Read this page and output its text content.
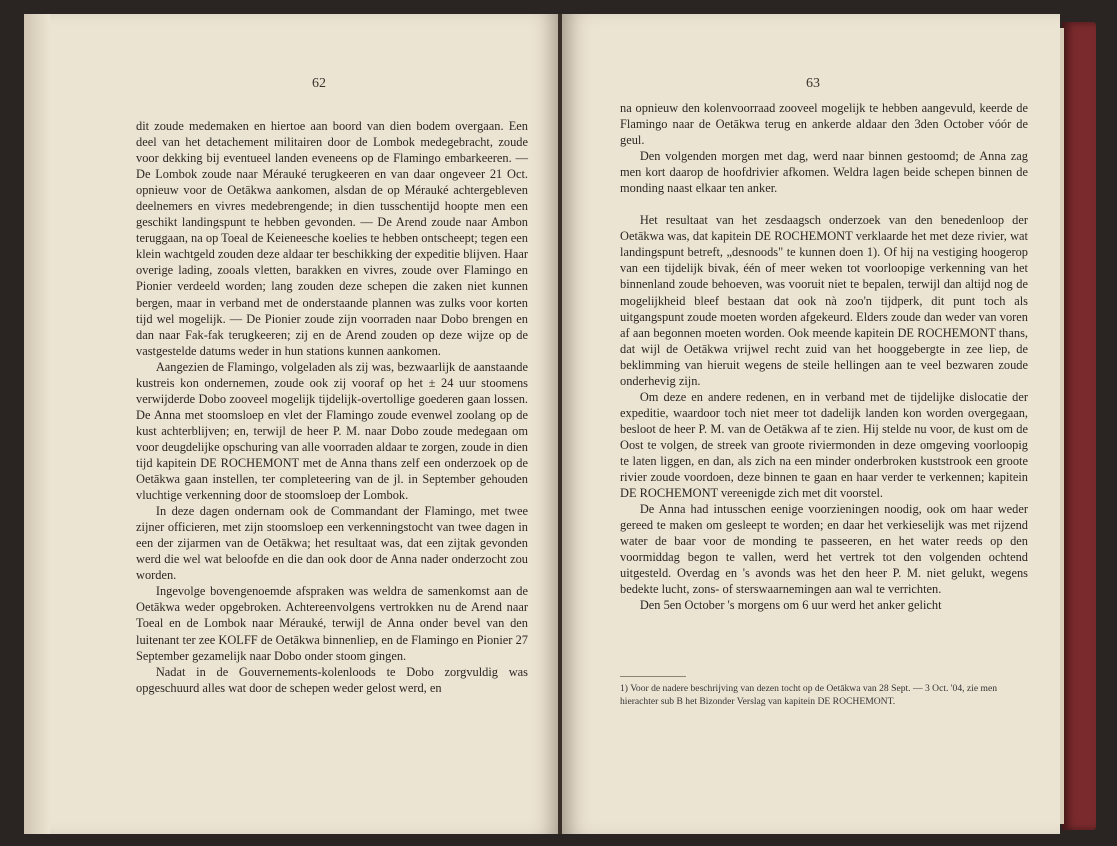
62

dit zoude medemaken en hiertoe aan boord van dien bodem overgaan. Een deel van het detachement militairen door de Lombok medegebracht, zoude voor dekking bij eventueel landen eveneens op de Flamingo embarkeeren. — De Lombok zoude naar Mérauké terugkeeren en van daar ongeveer 21 Oct. opnieuw voor de Oetākwa aankomen, alsdan de op Mérauké achtergebleven deelnemers en vivres medebrengende; in dien tusschentijd hoopte men een geschikt landingspunt te hebben gevonden. — De Arend zoude naar Ambon teruggaan, na op Toeal de Keieneesche koelies te hebben ontscheept; tegen een klein wachtgeld zouden deze aldaar ter beschikking der expeditie blijven. Haar overige lading, zooals vletten, barakken en vivres, zoude over Flamingo en Pionier verdeeld worden; lang zouden deze schepen die zaken niet kunnen bergen, maar in verband met de onderstaande plannen was zulks voor korten tijd wel mogelijk. — De Pionier zoude zijn voorraden naar Dobo brengen en dan naar Fak-fak terugkeeren; zij en de Arend zouden op deze wijze op de vastgestelde datums weder in hun stations kunnen aankomen.

Aangezien de Flamingo, volgeladen als zij was, bezwaarlijk de aanstaande kustreis kon ondernemen, zoude ook zij vooraf op het ± 24 uur stoomens verwijderde Dobo zooveel mogelijk tijdelijk-overtollige goederen gaan lossen. De Anna met stoomsloep en vlet der Flamingo zoude evenwel zoolang op de kust achterblijven; en, terwijl de heer P. M. naar Dobo zoude medegaan om voor deugdelijke opschuring van alle voorraden aldaar te zorgen, zoude in dien tijd kapitein DE ROCHEMONT met de Anna thans zelf een onderzoek op de Oetākwa gaan instellen, ter completeering van de jl. in September gehouden vluchtige verkenning door de stoomsloep der Lombok.

In deze dagen ondernam ook de Commandant der Flamingo, met twee zijner officieren, met zijn stoomsloep een verkenningstocht van twee dagen in een der zijarmen van de Oetākwa; het resultaat was, dat een zijtak gevonden werd die wel wat beloofde en die dan ook door de Anna nader onderzocht zou worden.

Ingevolge bovengenoemde afspraken was weldra de samenkomst aan de Oetākwa weder opgebroken. Achtereenvolgens vertrokken nu de Arend naar Toeal en de Lombok naar Mérauké, terwijl de Anna onder bevel van den luitenant ter zee KOLFF de Oetākwa binnenliep, en de Flamingo en Pionier 27 September gezamelijk naar Dobo onder stoom gingen.

Nadat in de Gouvernements-kolenloods te Dobo zorgvuldig was opgeschuurd alles wat door de schepen weder gelost werd, en

63

na opnieuw den kolenvoorraad zooveel mogelijk te hebben aangevuld, keerde de Flamingo naar de Oetākwa terug en ankerde aldaar den 3den October vóór de geul.

Den volgenden morgen met dag, werd naar binnen gestoomd; de Anna zag men kort daarop de hoofdrivier afkomen. Weldra lagen beide schepen binnen de monding naast elkaar ten anker.

Het resultaat van het zesdaagsch onderzoek van den benedenloop der Oetākwa was, dat kapitein DE ROCHEMONT verklaarde het met deze rivier, wat landingspunt betreft, „desnoods" te kunnen doen 1). Of hij na vestiging hoogerop van een tijdelijk bivak, één of meer weken tot voorloopige verkenning van het binnenland zoude behoeven, was vooruit niet te bepalen, terwijl dan altijd nog de mogelijkheid bleef bestaan dat ook nà zoo'n tijdperk, dit punt toch als uitgangspunt zoude moeten worden afgekeurd. Elders zoude dan weder van voren af aan begonnen moeten worden. Ook meende kapitein DE ROCHEMONT thans, dat wijl de Oetākwa vrijwel recht zuid van het hooggebergte in zee liep, de beklimming van hieruit wegens de steile hellingen aan te veel bezwaren zoude onderhevig zijn.

Om deze en andere redenen, en in verband met de tijdelijke dislocatie der expeditie, waardoor toch niet meer tot dadelijk landen kon worden overgegaan, besloot de heer P. M. van de Oetākwa af te zien. Hij stelde nu voor, de kust om de Oost te volgen, de streek van groote riviermonden in deze omgeving voorloopig te laten liggen, en dan, als zich na een minder onderbroken kuststrook een groote rivier zoude voordoen, deze binnen te gaan en haar verder te verkennen; kapitein DE ROCHEMONT vereenigde zich met dit voorstel.

De Anna had intusschen eenige voorzieningen noodig, ook om haar weder gereed te maken om gesleept te worden; en daar het verkieselijk was met rijzend water de baar voor de monding te passeeren, en het water reeds op den voormiddag begon te vallen, werd het vertrek tot den volgenden ochtend uitgesteld. Overdag en 's avonds was het den heer P. M. niet gelukt, wegens bedekte lucht, zons- of sterswaarnemingen aan wal te verrichten.

Den 5en October 's morgens om 6 uur werd het anker gelicht

1) Voor de nadere beschrijving van dezen tocht op de Oetākwa van 28 Sept. — 3 Oct. '04, zie men hierachter sub B het Bizonder Verslag van kapitein DE ROCHEMONT.
